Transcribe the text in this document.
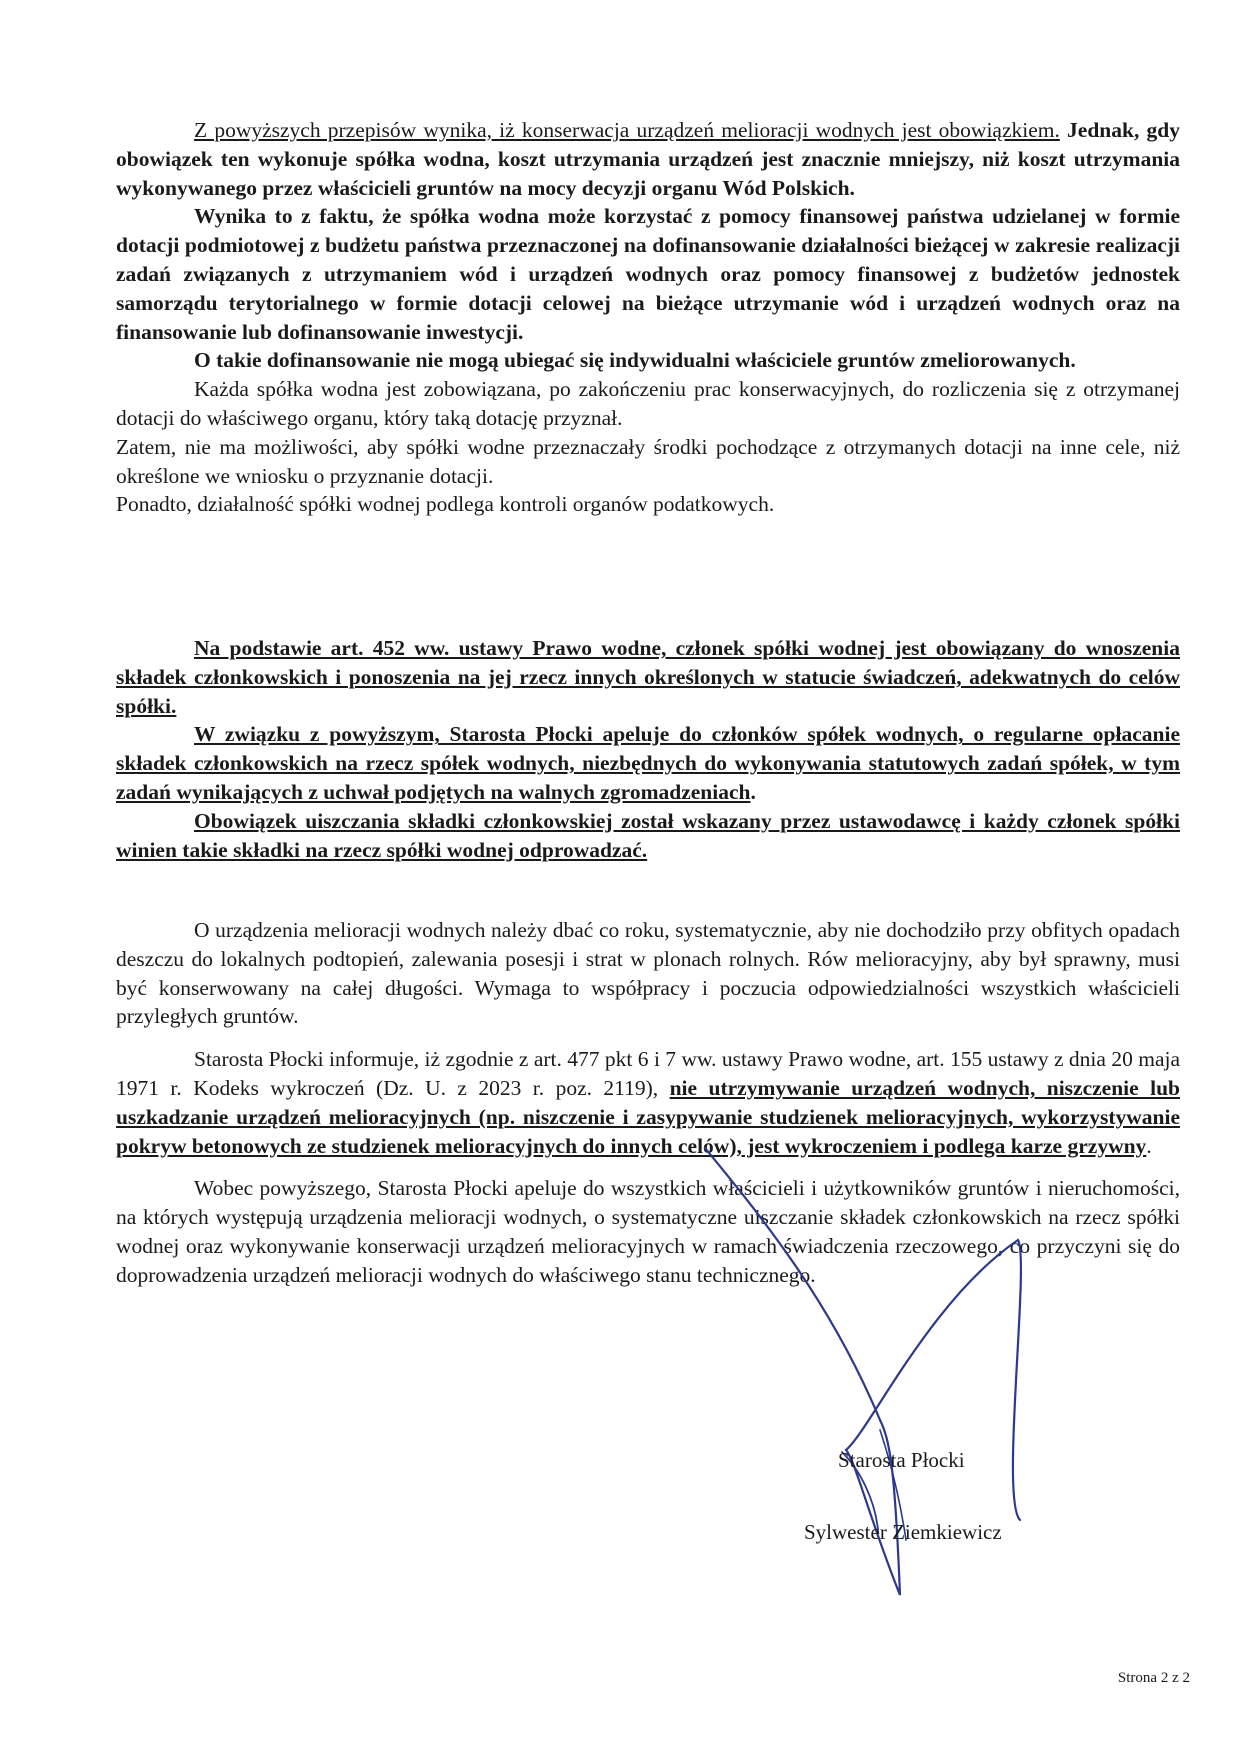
Z powyższych przepisów wynika, iż konserwacja urządzeń melioracji wodnych jest obowiązkiem. Jednak, gdy obowiązek ten wykonuje spółka wodna, koszt utrzymania urządzeń jest znacznie mniejszy, niż koszt utrzymania wykonywanego przez właścicieli gruntów na mocy decyzji organu Wód Polskich.

Wynika to z faktu, że spółka wodna może korzystać z pomocy finansowej państwa udzielanej w formie dotacji podmiotowej z budżetu państwa przeznaczonej na dofinansowanie działalności bieżącej w zakresie realizacji zadań związanych z utrzymaniem wód i urządzeń wodnych oraz pomocy finansowej z budżetów jednostek samorządu terytorialnego w formie dotacji celowej na bieżące utrzymanie wód i urządzeń wodnych oraz na finansowanie lub dofinansowanie inwestycji.

O takie dofinansowanie nie mogą ubiegać się indywidualni właściciele gruntów zmeliorowanych.

Każda spółka wodna jest zobowiązana, po zakończeniu prac konserwacyjnych, do rozliczenia się z otrzymanej dotacji do właściwego organu, który taką dotację przyznał.

Zatem, nie ma możliwości, aby spółki wodne przeznaczały środki pochodzące z otrzymanych dotacji na inne cele, niż określone we wniosku o przyznanie dotacji.

Ponadto, działalność spółki wodnej podlega kontroli organów podatkowych.

Na podstawie art. 452 ww. ustawy Prawo wodne, członek spółki wodnej jest obowiązany do wnoszenia składek członkowskich i ponoszenia na jej rzecz innych określonych w statucie świadczeń, adekwatnych do celów spółki.

W związku z powyższym, Starosta Płocki apeluje do członków spółek wodnych, o regularne opłacanie składek członkowskich na rzecz spółek wodnych, niezbędnych do wykonywania statutowych zadań spółek, w tym zadań wynikających z uchwał podjętych na walnych zgromadzeniach.

Obowiązek uiszczania składki członkowskiej został wskazany przez ustawodawcę i każdy członek spółki winien takie składki na rzecz spółki wodnej odprowadzać.

O urządzenia melioracji wodnych należy dbać co roku, systematycznie, aby nie dochodziło przy obfitych opadach deszczu do lokalnych podtopień, zalewania posesji i strat w plonach rolnych. Rów melioracyjny, aby był sprawny, musi być konserwowany na całej długości. Wymaga to współpracy i poczucia odpowiedzialności wszystkich właścicieli przyległych gruntów.

Starosta Płocki informuje, iż zgodnie z art. 477 pkt 6 i 7 ww. ustawy Prawo wodne, art. 155 ustawy z dnia 20 maja 1971 r. Kodeks wykroczeń (Dz. U. z 2023 r. poz. 2119), nie utrzymywanie urządzeń wodnych, niszczenie lub uszkadzanie urządzeń melioracyjnych (np. niszczenie i zasypywanie studzienek melioracyjnych, wykorzystywanie pokryw betonowych ze studzienek melioracyjnych do innych celów), jest wykroczeniem i podlega karze grzywny.

Wobec powyższego, Starosta Płocki apeluje do wszystkich właścicieli i użytkowników gruntów i nieruchomości, na których występują urządzenia melioracji wodnych, o systematyczne uiszczanie składek członkowskich na rzecz spółki wodnej oraz wykonywanie konserwacji urządzeń melioracyjnych w ramach świadczenia rzeczowego, co przyczyni się do doprowadzenia urządzeń melioracji wodnych do właściwego stanu technicznego.

Starosta Płocki
Sylwester Ziemkiewicz
Strona 2 z 2
